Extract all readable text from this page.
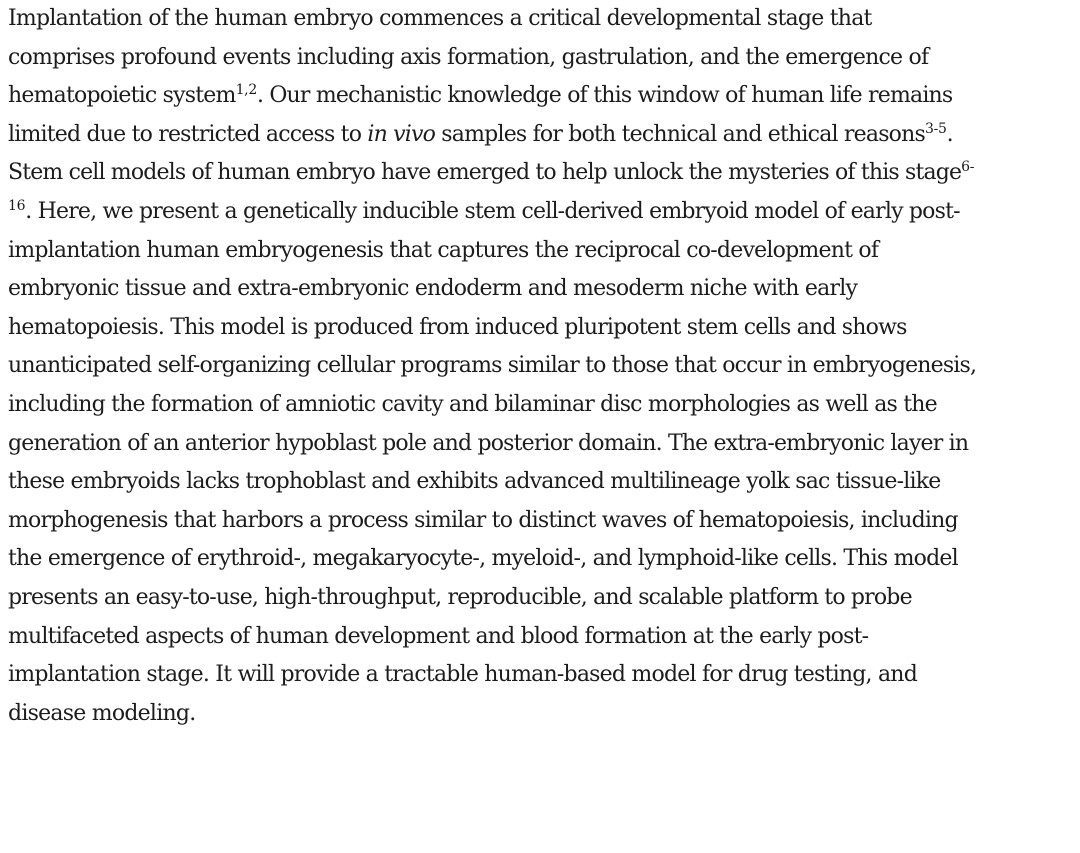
Implantation of the human embryo commences a critical developmental stage that
comprises profound events including axis formation, gastrulation, and the emergence of
hematopoietic system$^{1,2}$. Our mechanistic knowledge of this window of human life remains
limited due to restricted access to in vivo samples for both technical and ethical reasons$^{3-5}$.
Stem cell models of human embryo have emerged to help unlock the mysteries of this stage$^{6-}$
$^{16}$. Here, we present a genetically inducible stem cell-derived embryoid model of early post-
implantation human embryogenesis that captures the reciprocal co-development of
embryonic tissue and extra-embryonic endoderm and mesoderm niche with early
hematopoiesis. This model is produced from induced pluripotent stem cells and shows
unanticipated self-organizing cellular programs similar to those that occur in embryogenesis,
including the formation of amniotic cavity and bilaminar disc morphologies as well as the
generation of an anterior hypoblast pole and posterior domain. The extra-embryonic layer in
these embryoids lacks trophoblast and exhibits advanced multilineage yolk sac tissue-like
morphogenesis that harbors a process similar to distinct waves of hematopoiesis, including
the emergence of erythroid-, megakaryocyte-, myeloid-, and lymphoid-like cells. This model
presents an easy-to-use, high-throughput, reproducible, and scalable platform to probe
multifaceted aspects of human development and blood formation at the early post-
implantation stage. It will provide a tractable human-based model for drug testing, and
disease modeling.
